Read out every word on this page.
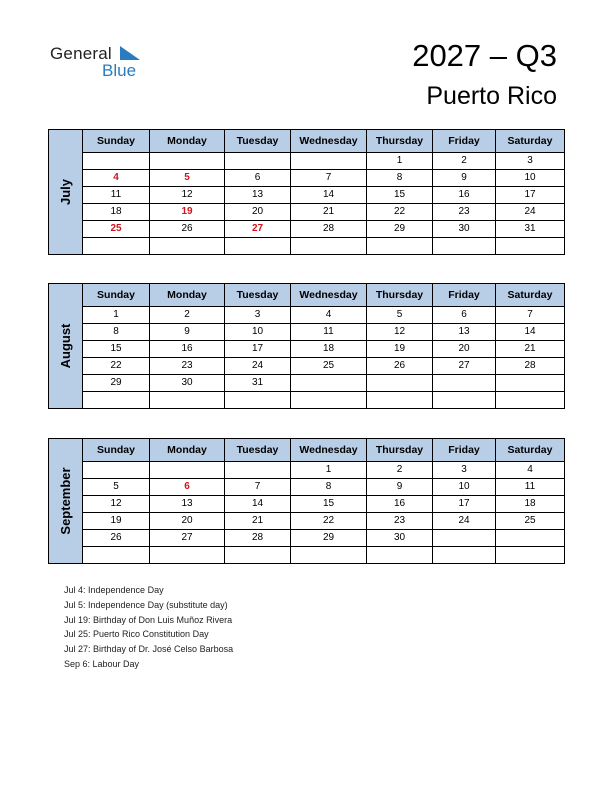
General
Blue	2027 – Q3
Puerto Rico
July	Sunday	Monday	Tuesday	Wednesday	Thursday	Friday	Saturday
					1	2	3
	4	5	6	7	8	9	10
	11	12	13	14	15	16	17
	18	19	20	21	22	23	24
	25	26	27	28	29	30	31

August	Sunday	Monday	Tuesday	Wednesday	Thursday	Friday	Saturday
	1	2	3	4	5	6	7
	8	9	10	11	12	13	14
	15	16	17	18	19	20	21
	22	23	24	25	26	27	28
	29	30	31				

September	Sunday	Monday	Tuesday	Wednesday	Thursday	Friday	Saturday
				1	2	3	4
	5	6	7	8	9	10	11
	12	13	14	15	16	17	18
	19	20	21	22	23	24	25
	26	27	28	29	30		

Jul 4: Independence Day
Jul 5: Independence Day (substitute day)
Jul 19: Birthday of Don Luis Muñoz Rivera
Jul 25: Puerto Rico Constitution Day
Jul 27: Birthday of Dr. José Celso Barbosa
Sep 6: Labour Day
